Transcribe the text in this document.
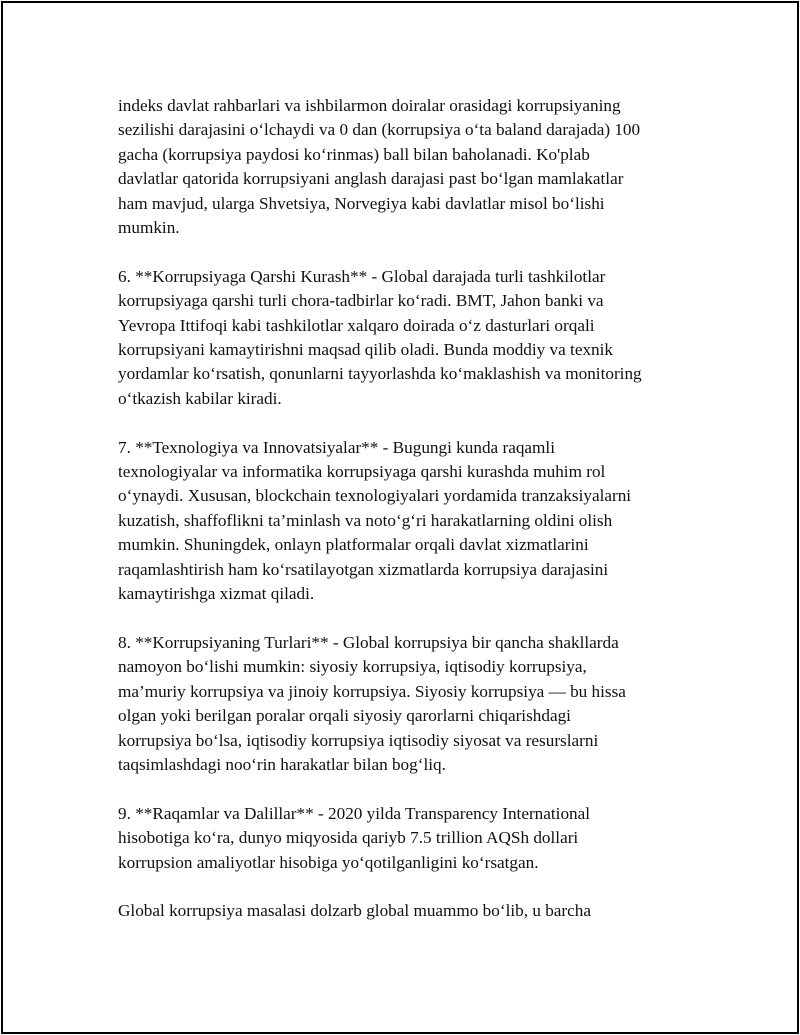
indeks davlat rahbarlari va ishbilarmon doiralar orasidagi korrupsiyaning
sezilishi darajasini o‘lchaydi va 0 dan (korrupsiya o‘ta baland darajada) 100
gacha (korrupsiya paydosi ko‘rinmas) ball bilan baholanadi. Ko'plab
davlatlar qatorida korrupsiyani anglash darajasi past bo‘lgan mamlakatlar
ham mavjud, ularga Shvetsiya, Norvegiya kabi davlatlar misol bo‘lishi
mumkin.

6. **Korrupsiyaga Qarshi Kurash** - Global darajada turli tashkilotlar
korrupsiyaga qarshi turli chora-tadbirlar ko‘radi. BMT, Jahon banki va
Yevropa Ittifoqi kabi tashkilotlar xalqaro doirada o‘z dasturlari orqali
korrupsiyani kamaytirishni maqsad qilib oladi. Bunda moddiy va texnik
yordamlar ko‘rsatish, qonunlarni tayyorlashda ko‘maklashish va monitoring
o‘tkazish kabilar kiradi.

7. **Texnologiya va Innovatsiyalar** - Bugungi kunda raqamli
texnologiyalar va informatika korrupsiyaga qarshi kurashda muhim rol
o‘ynaydi. Xususan, blockchain texnologiyalari yordamida tranzaksiyalarni
kuzatish, shaffoflikni ta’minlash va noto‘g‘ri harakatlarning oldini olish
mumkin. Shuningdek, onlayn platformalar orqali davlat xizmatlarini
raqamlashtirish ham ko‘rsatilayotgan xizmatlarda korrupsiya darajasini
kamaytirishga xizmat qiladi.

8. **Korrupsiyaning Turlari** - Global korrupsiya bir qancha shakllarda
namoyon bo‘lishi mumkin: siyosiy korrupsiya, iqtisodiy korrupsiya,
ma’muriy korrupsiya va jinoiy korrupsiya. Siyosiy korrupsiya — bu hissa
olgan yoki berilgan poralar orqali siyosiy qarorlarni chiqarishdagi
korrupsiya bo‘lsa, iqtisodiy korrupsiya iqtisodiy siyosat va resurslarni
taqsimlashdagi noo‘rin harakatlar bilan bog‘liq.

9. **Raqamlar va Dalillar** - 2020 yilda Transparency International
hisobotiga ko‘ra, dunyo miqyosida qariyb 7.5 trillion AQSh dollari
korrupsion amaliyotlar hisobiga yo‘qotilganligini ko‘rsatgan.

Global korrupsiya masalasi dolzarb global muammo bo‘lib, u barcha
